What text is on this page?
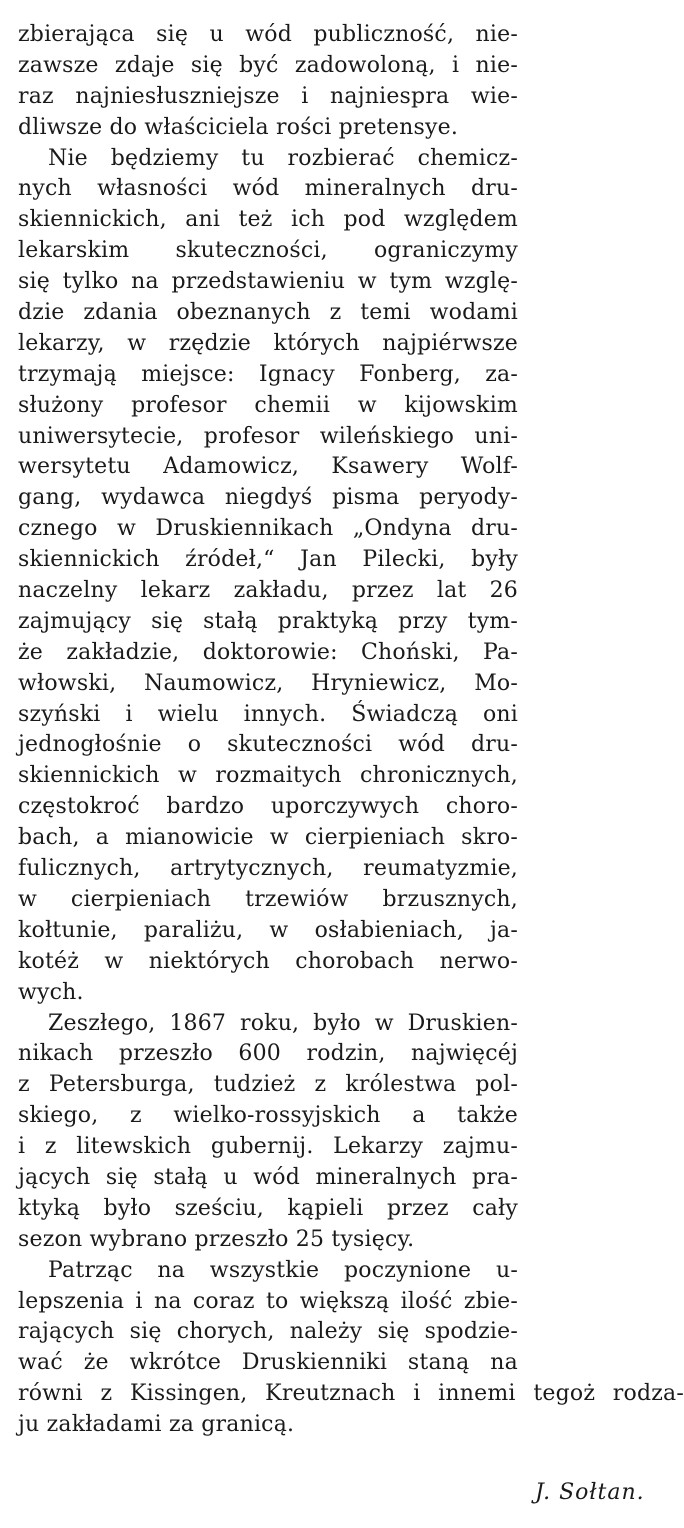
zbierająca się u wód publiczność, nie-
zawsze zdaje się być zadowoloną, i nie-
raz najniesłuszniejsze i najniespra wie-
dliwsze do właściciela rości pretensye.
Nie będziemy tu rozbierać chemicz-
nych własności wód mineralnych dru-
skiennickich, ani też ich pod względem
lekarskim skuteczności, ograniczymy
się tylko na przedstawieniu w tym wzglę-
dzie zdania obeznanych z temi wodami
lekarzy, w rzędzie których najpiérwsze
trzymają miejsce: Ignacy Fonberg, za-
służony profesor chemii w kijowskim
uniwersytecie, profesor wileńskiego uni-
wersytetu Adamowicz, Ksawery Wolf-
gang, wydawca niegdyś pisma peryody-
cznego w Druskiennikach „Ondyna dru-
skiennickich źródeł,“ Jan Pilecki, były
naczelny lekarz zakładu, przez lat 26
zajmujący się stałą praktyką przy tym-
że zakładzie, doktorowie: Choński, Pa-
włowski, Naumowicz, Hryniewicz, Mo-
szyński i wielu innych. Świadczą oni
jednogłośnie o skuteczności wód dru-
skiennickich w rozmaitych chronicznych,
częstokroć bardzo uporczywych choro-
bach, a mianowicie w cierpieniach skro-
fulicznych, artrytycznych, reumatyzmie,
w cierpieniach trzewiów brzusznych,
kołtunie, paraliżu, w osłabieniach, ja-
kotéż w niektórych chorobach nerwo-
wych.
Zeszłego, 1867 roku, było w Druskien-
nikach przeszło 600 rodzin, najwięcéj
z Petersburga, tudzież z królestwa pol-
skiego, z wielko-rossyjskich a także
i z litewskich gubernij. Lekarzy zajmu-
jących się stałą u wód mineralnych pra-
ktyką było sześciu, kąpieli przez cały
sezon wybrano przeszło 25 tysięcy.
Patrząc na wszystkie poczynione u-
lepszenia i na coraz to większą ilość zbie-
rających się chorych, należy się spodzie-
wać że wkrótce Druskienniki staną na
równi z Kissingen, Kreutznach i innemi tegoż rodza-
ju zakładami za granicą.
J. Sołtan.
